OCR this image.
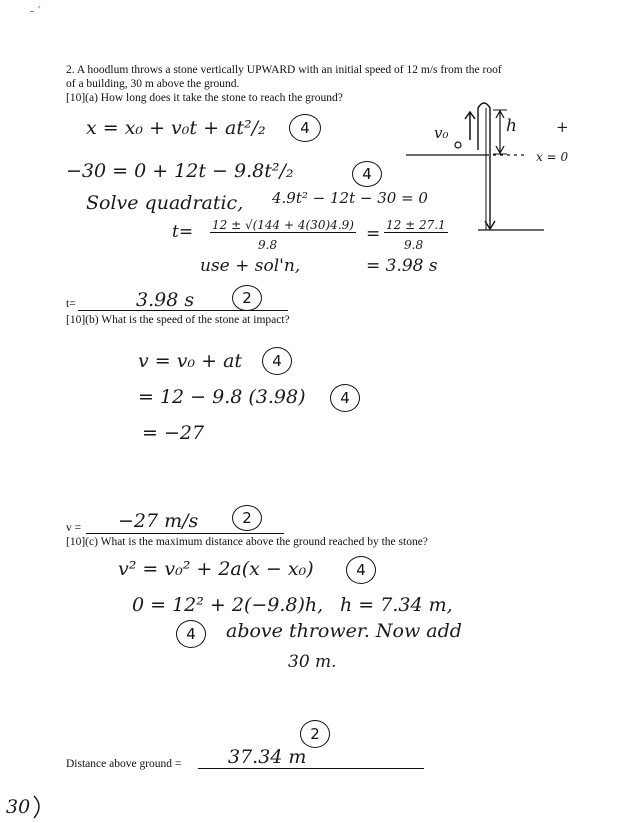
- ′
2. A hoodlum throws a stone vertically UPWARD with an initial speed of 12 m/s from the roof
of a building, 30 m above the ground.
[10](a) How long does it take the stone to reach the ground?
x = x₀ + v₀t + at²/₂	4
−30 = 0 + 12t − 9.8t²/₂	4
Solve quadratic, 4.9t² − 12t − 30 = 0
t= 12 ± √(144 + 4(30)4.9)
9.8
= 12 ± 27.1
9.8
use + sol'n,	= 3.98 s
t=	3.98 s	2
[10](b) What is the speed of the stone at impact?
v₀	h	+
x = 0
v = v₀ + at	4
= 12 − 9.8 (3.98)	4
= −27
v = −27 m/s	2
[10](c) What is the maximum distance above the ground reached by the stone?
v² = v₀² + 2a(x − x₀)	4
0 = 12² + 2(−9.8)h, h = 7.34 m,
4	above thrower. Now add
30 m.
2
Distance above ground = 37.34 m
30
